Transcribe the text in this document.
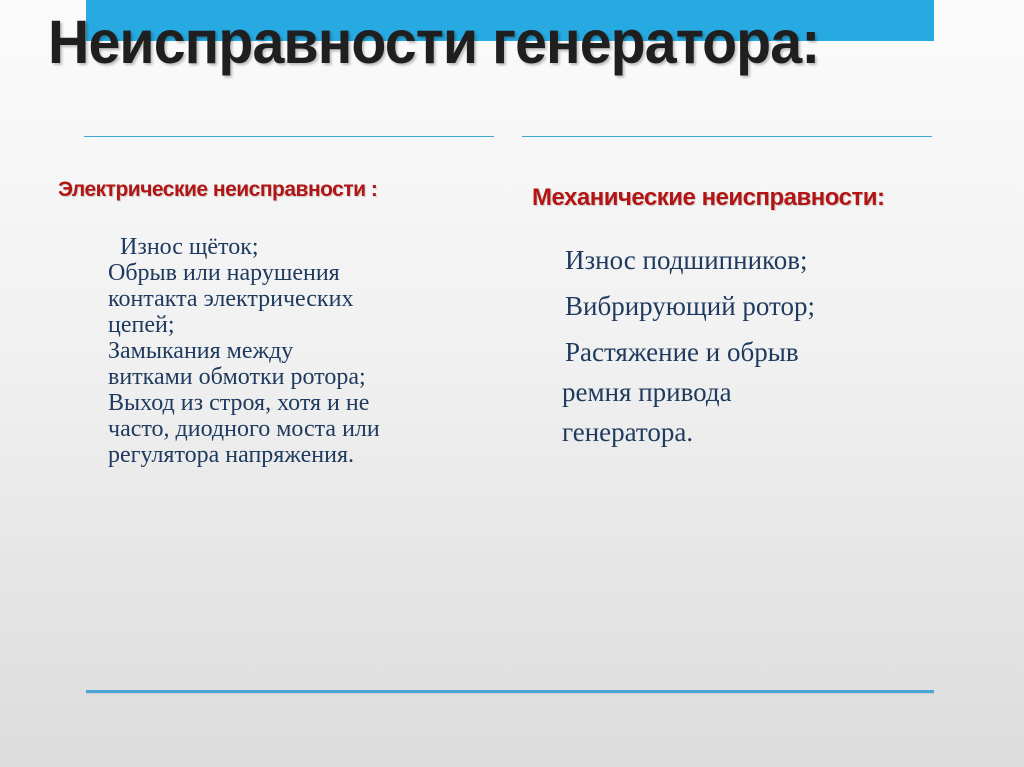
Неисправности генератора:
Электрические неисправности :	Механические неисправности:
Износ щёток;
Обрыв или нарушения
контакта электрических
цепей;
Замыкания между
витками обмотки ротора;
Выход из строя, хотя и не
часто, диодного моста или
регулятора напряжения.
Износ подшипников;
Вибрирующий ротор;
Растяжение и обрыв
ремня привода
генератора.
